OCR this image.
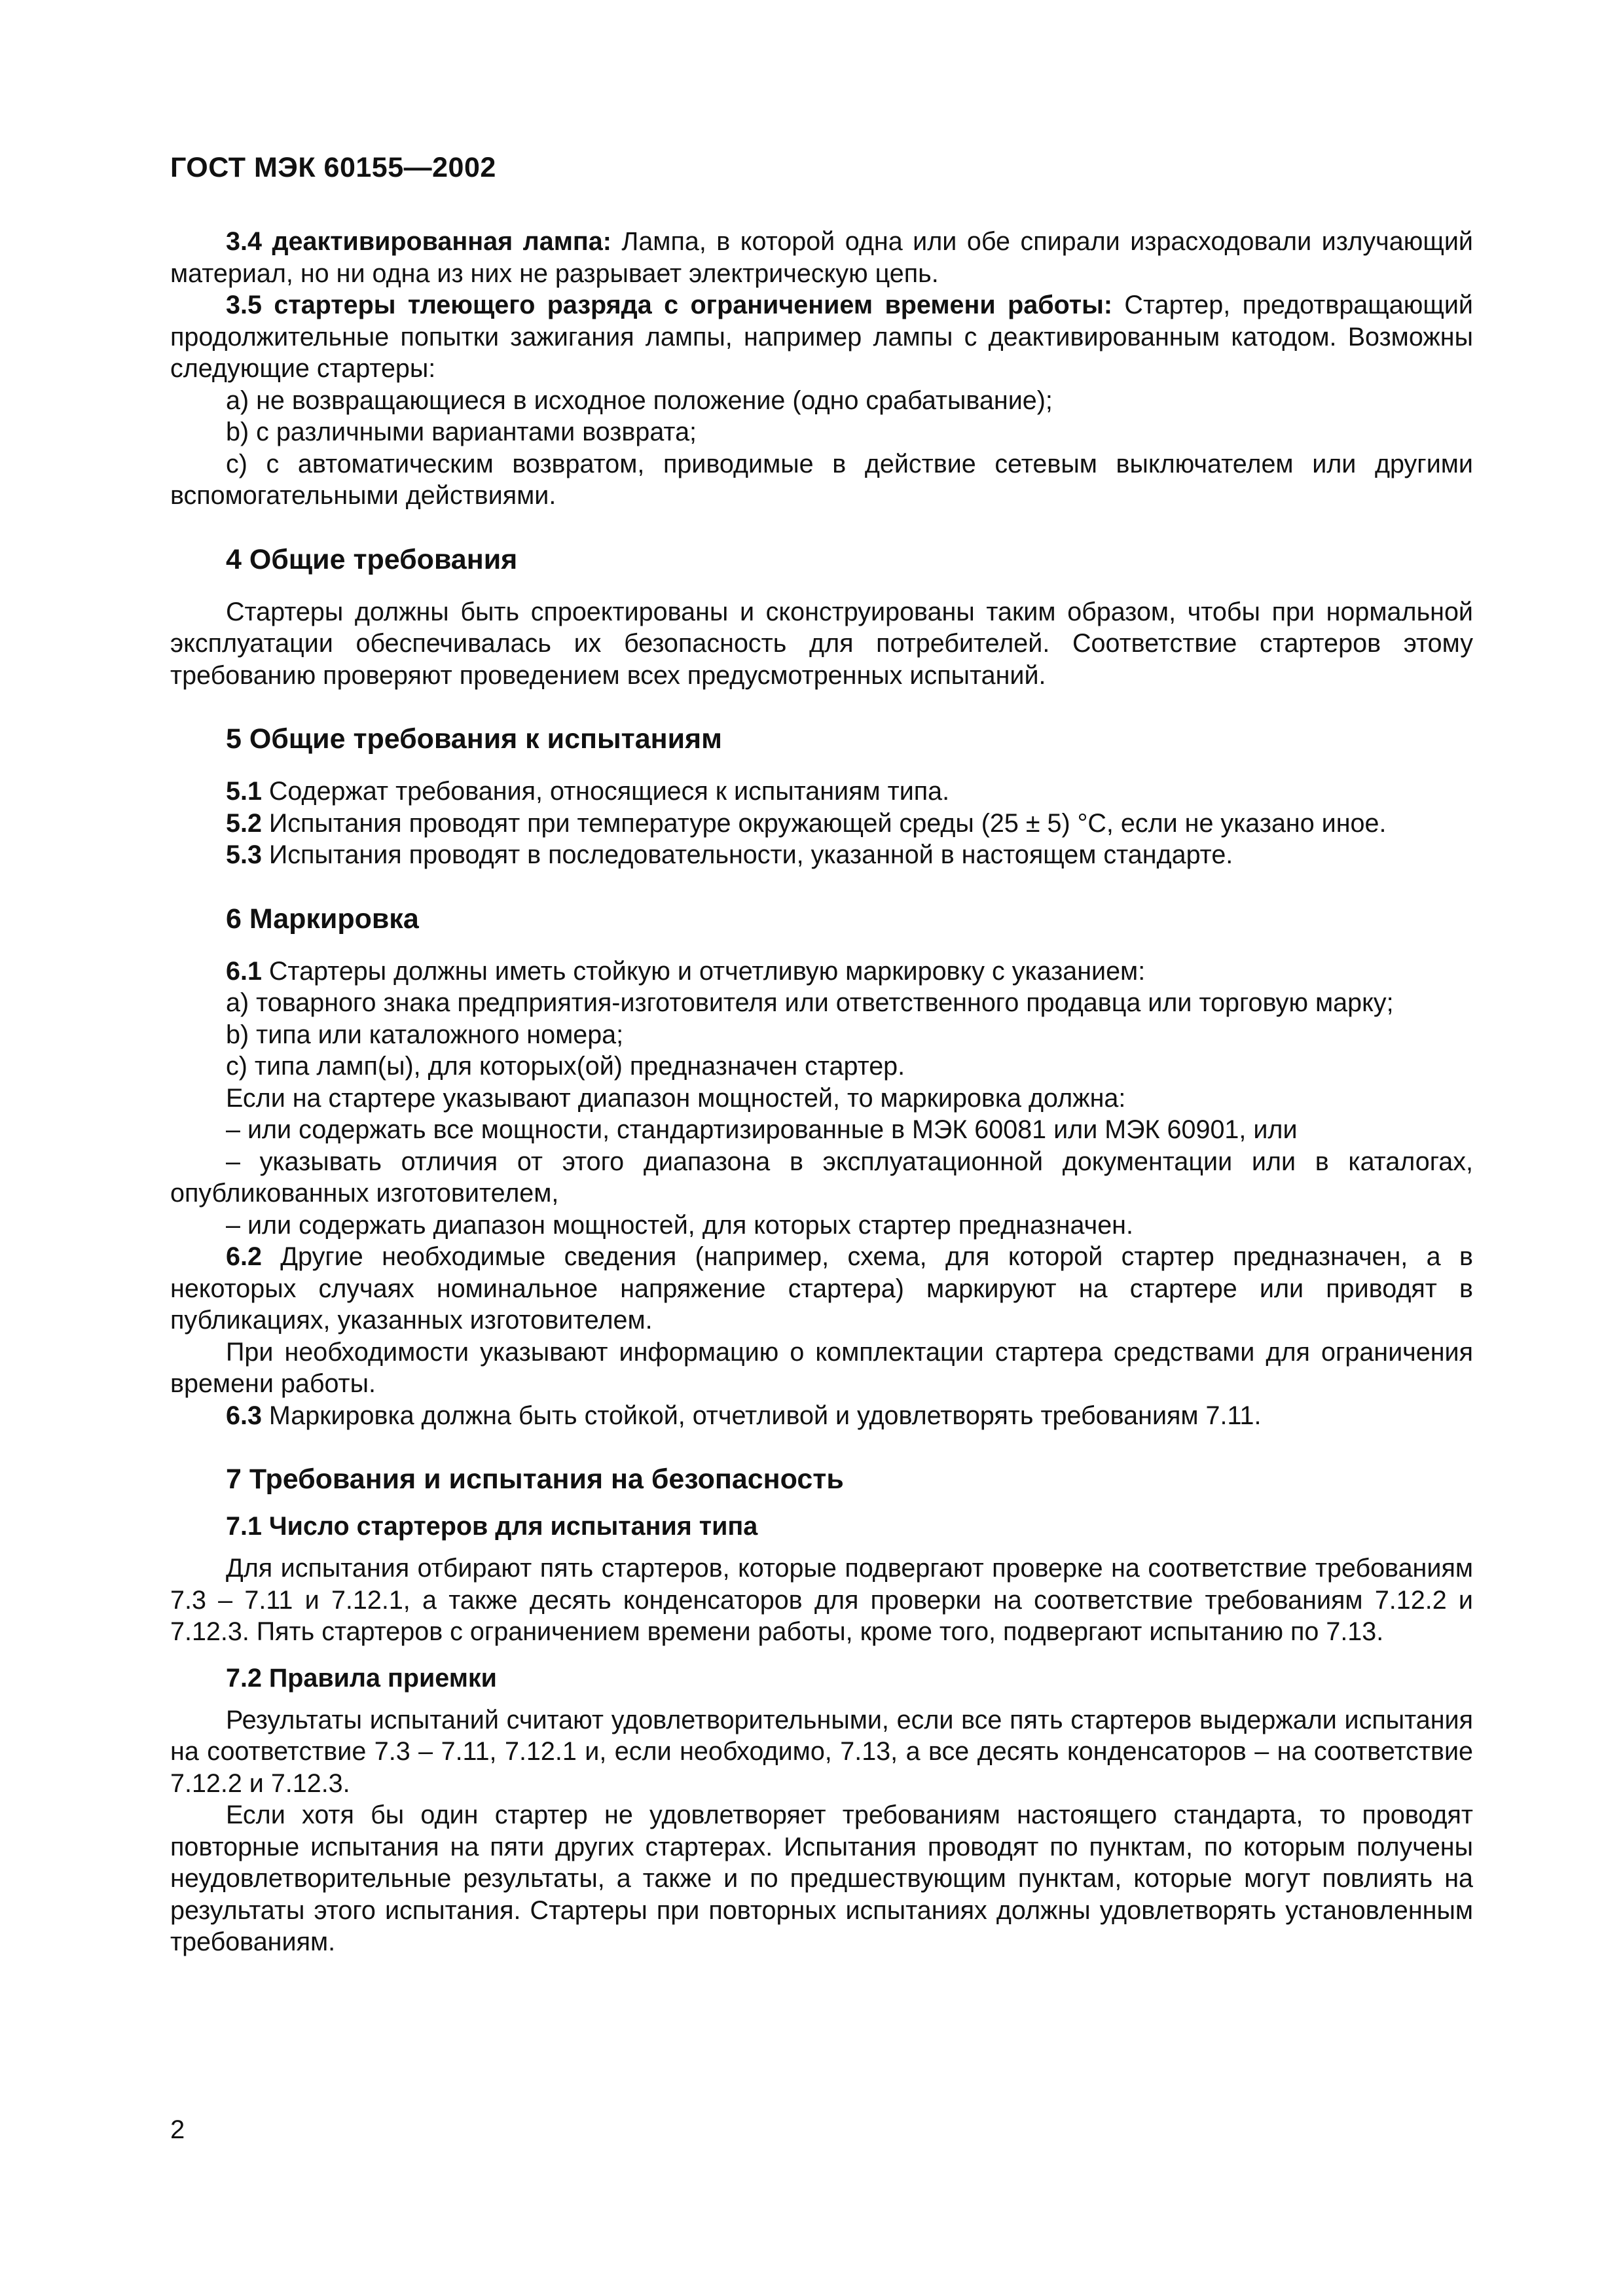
ГОСТ МЭК 60155—2002

3.4 деактивированная лампа: Лампа, в которой одна или обе спирали израсходовали излучающий материал, но ни одна из них не разрывает электрическую цепь.

3.5 стартеры тлеющего разряда с ограничением времени работы: Стартер, предотвращающий продолжительные попытки зажигания лампы, например лампы с деактивированным катодом. Возможны следующие стартеры:

a) не возвращающиеся в исходное положение (одно срабатывание);

b) с различными вариантами возврата;

c) с автоматическим возвратом, приводимые в действие сетевым выключателем или другими вспомогательными действиями.

4 Общие требования

Стартеры должны быть спроектированы и сконструированы таким образом, чтобы при нормальной эксплуатации обеспечивалась их безопасность для потребителей. Соответствие стартеров этому требованию проверяют проведением всех предусмотренных испытаний.

5 Общие требования к испытаниям

5.1 Содержат требования, относящиеся к испытаниям типа.

5.2 Испытания проводят при температуре окружающей среды (25 ± 5) °С, если не указано иное.

5.3 Испытания проводят в последовательности, указанной в настоящем стандарте.

6 Маркировка

6.1 Стартеры должны иметь стойкую и отчетливую маркировку с указанием:

a) товарного знака предприятия-изготовителя или ответственного продавца или торговую марку;

b) типа или каталожного номера;

c) типа ламп(ы), для которых(ой) предназначен стартер.

Если на стартере указывают диапазон мощностей, то маркировка должна:

– или содержать все мощности, стандартизированные в МЭК 60081 или МЭК 60901, или

– указывать отличия от этого диапазона в эксплуатационной документации или в каталогах, опубликованных изготовителем,

– или содержать диапазон мощностей, для которых стартер предназначен.

6.2 Другие необходимые сведения (например, схема, для которой стартер предназначен, а в некоторых случаях номинальное напряжение стартера) маркируют на стартере или приводят в публикациях, указанных изготовителем.

При необходимости указывают информацию о комплектации стартера средствами для ограничения времени работы.

6.3 Маркировка должна быть стойкой, отчетливой и удовлетворять требованиям 7.11.

7 Требования и испытания на безопасность
7.1 Число стартеров для испытания типа

Для испытания отбирают пять стартеров, которые подвергают проверке на соответствие требованиям 7.3 – 7.11 и 7.12.1, а также десять конденсаторов для проверки на соответствие требованиям 7.12.2 и 7.12.3. Пять стартеров с ограничением времени работы, кроме того, подвергают испытанию по 7.13.

7.2 Правила приемки

Результаты испытаний считают удовлетворительными, если все пять стартеров выдержали испытания на соответствие 7.3 – 7.11, 7.12.1 и, если необходимо, 7.13, а все десять конденсаторов – на соответствие 7.12.2 и 7.12.3.

Если хотя бы один стартер не удовлетворяет требованиям настоящего стандарта, то проводят повторные испытания на пяти других стартерах. Испытания проводят по пунктам, по которым получены неудовлетворительные результаты, а также и по предшествующим пунктам, которые могут повлиять на результаты этого испытания. Стартеры при повторных испытаниях должны удовлетворять установленным требованиям.

2
